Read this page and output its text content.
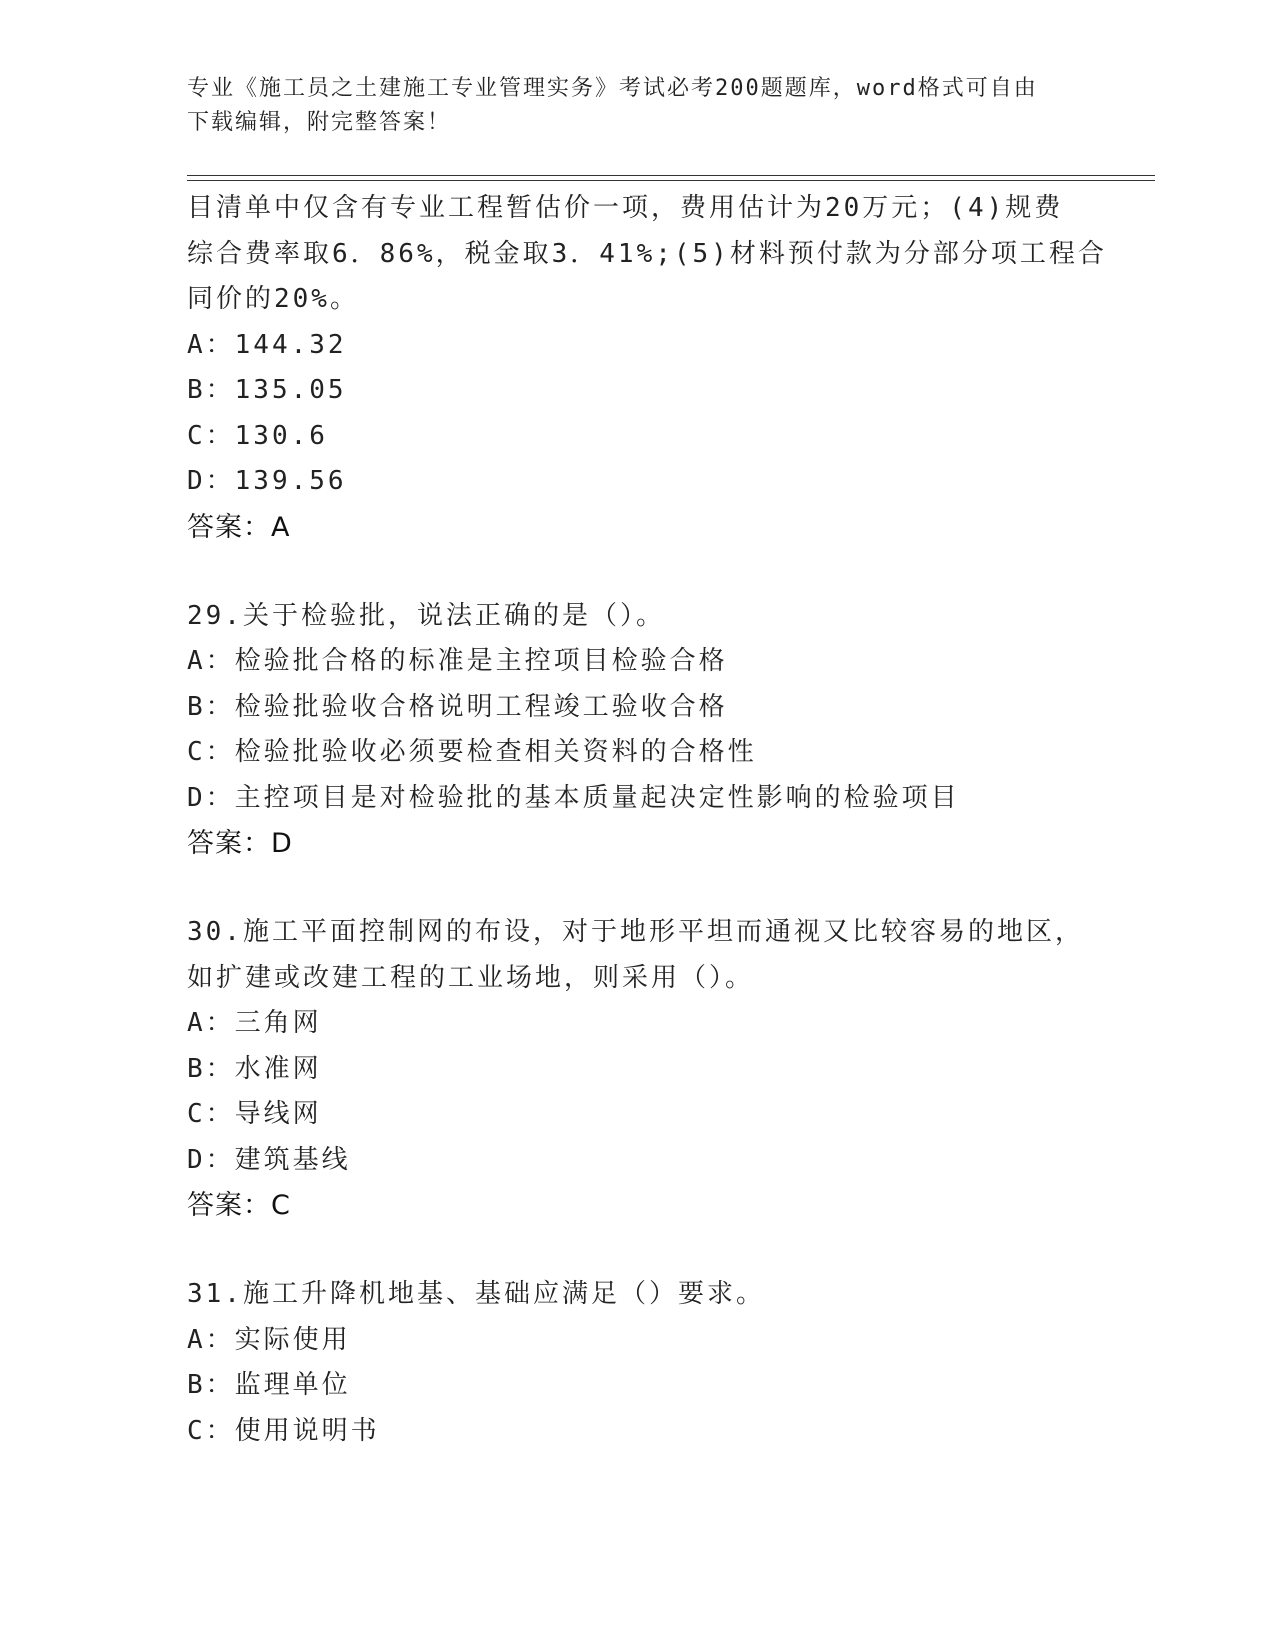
专业《施工员之土建施工专业管理实务》考试必考200题题库，word格式可自由
下载编辑，附完整答案！
目清单中仅含有专业工程暂估价一项，费用估计为20万元；(4)规费
综合费率取6．86%，税金取3．41%;(5)材料预付款为分部分项工程合
同价的20%。
A：144.32
B：135.05
C：130.6
D：139.56
答案：A
29.关于检验批，说法正确的是（）。
A：检验批合格的标准是主控项目检验合格
B：检验批验收合格说明工程竣工验收合格
C：检验批验收必须要检查相关资料的合格性
D：主控项目是对检验批的基本质量起决定性影响的检验项目
答案：D
30.施工平面控制网的布设，对于地形平坦而通视又比较容易的地区，
如扩建或改建工程的工业场地，则采用（）。
A：三角网
B：水准网
C：导线网
D：建筑基线
答案：C
31.施工升降机地基、基础应满足（）要求。
A：实际使用
B：监理单位
C：使用说明书
